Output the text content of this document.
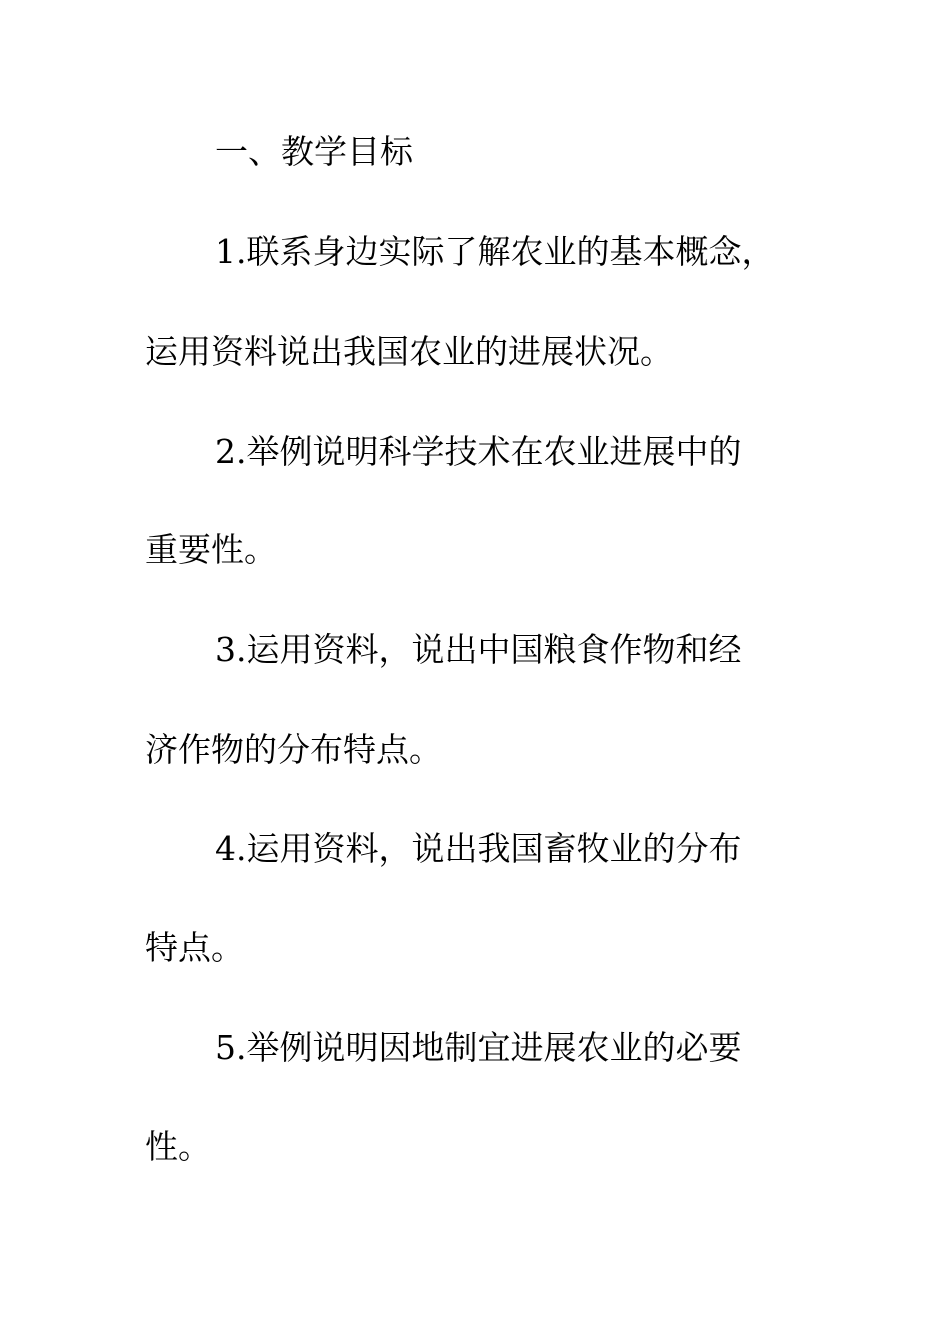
一、教学目标
1.联系身边实际了解农业的基本概念，
运用资料说出我国农业的进展状况。
2.举例说明科学技术在农业进展中的
重要性。
3.运用资料，说出中国粮食作物和经
济作物的分布特点。
4.运用资料，说出我国畜牧业的分布
特点。
5.举例说明因地制宜进展农业的必要
性。
